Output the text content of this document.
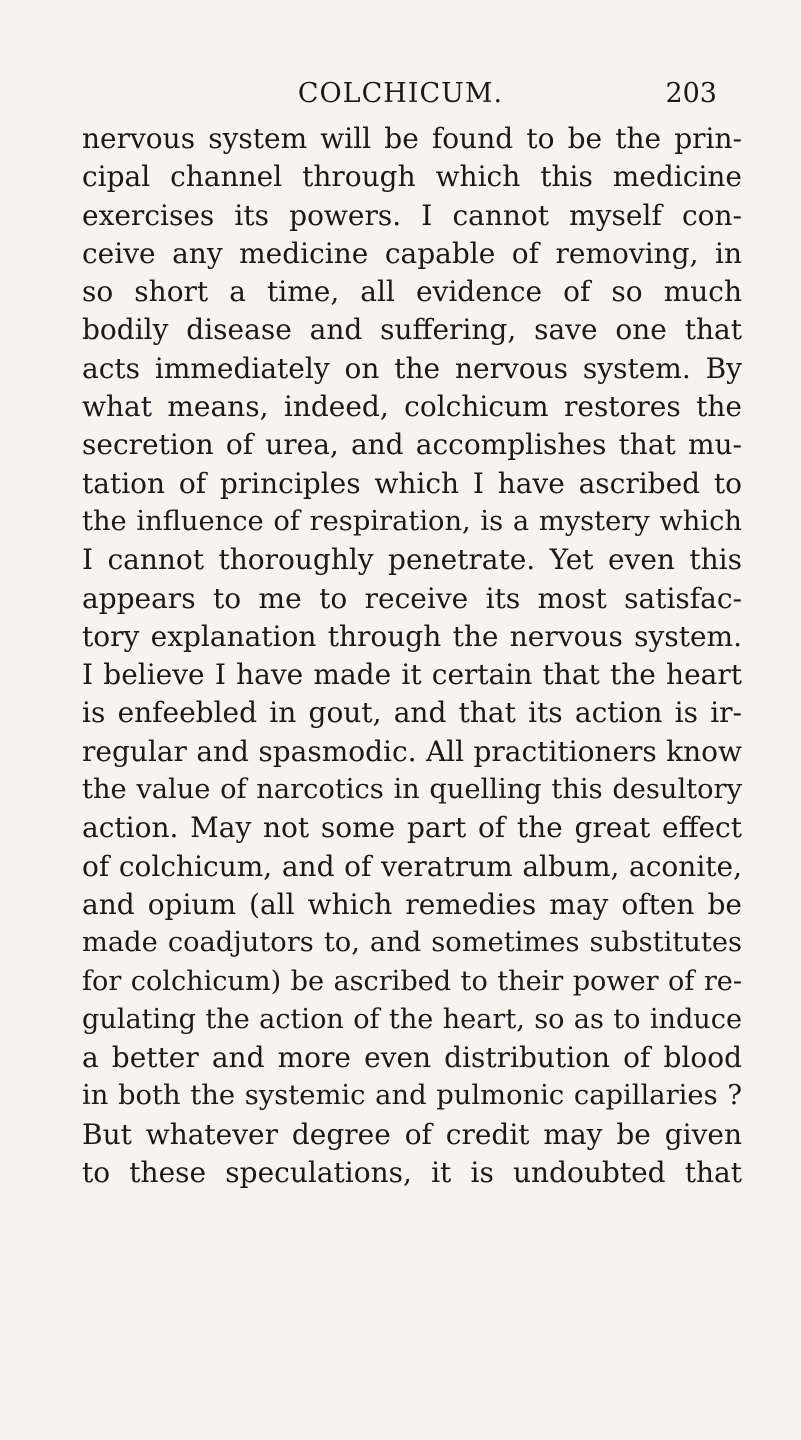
COLCHICUM.	203
nervous system will be found to be the prin-
cipal channel through which this medicine
exercises its powers. I cannot myself con-
ceive any medicine capable of removing, in
so short a time, all evidence of so much
bodily disease and suffering, save one that
acts immediately on the nervous system. By
what means, indeed, colchicum restores the
secretion of urea, and accomplishes that mu-
tation of principles which I have ascribed to
the influence of respiration, is a mystery which
I cannot thoroughly penetrate. Yet even this
appears to me to receive its most satisfac-
tory explanation through the nervous system.
I believe I have made it certain that the heart
is enfeebled in gout, and that its action is ir-
regular and spasmodic. All practitioners know
the value of narcotics in quelling this desultory
action. May not some part of the great effect
of colchicum, and of veratrum album, aconite,
and opium (all which remedies may often be
made coadjutors to, and sometimes substitutes
for colchicum) be ascribed to their power of re-
gulating the action of the heart, so as to induce
a better and more even distribution of blood
in both the systemic and pulmonic capillaries ?
But whatever degree of credit may be given
to these speculations, it is undoubted that
